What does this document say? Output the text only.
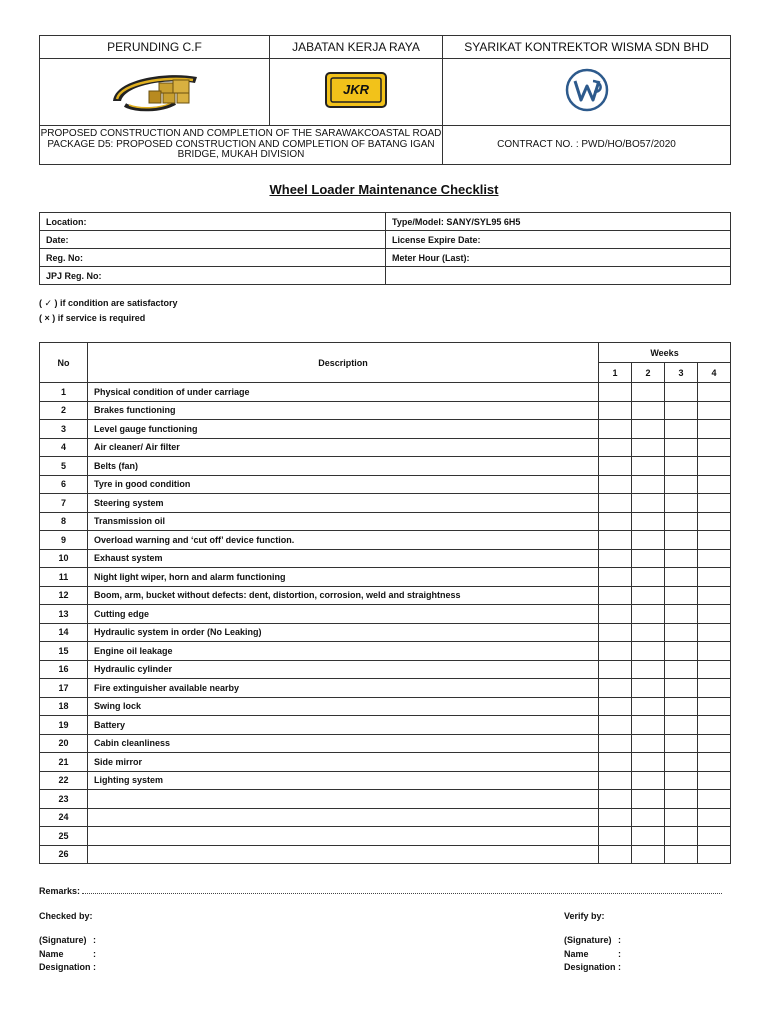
PERUNDING C.F	JABATAN KERJA RAYA	SYARIKAT KONTREKTOR WISMA SDN BHD

JKR

PROPOSED CONSTRUCTION AND COMPLETION OF THE SARAWAKCOASTAL ROAD PACKAGE D5: PROPOSED CONSTRUCTION AND COMPLETION OF BATANG IGAN BRIDGE, MUKAH DIVISION		CONTRACT NO. : PWD/HO/BO57/2020
Wheel Loader Maintenance Checklist
Location:	Type/Model: SANY/SYL95 6H5
Date:	License Expire Date:
Reg. No:	Meter Hour (Last):
JPJ Reg. No:	
( ✓ ) if condition are satisfactory
( × ) if service is required
No	Description	Weeks			
		1	2	3	4
1	Physical condition of under carriage				
2	Brakes functioning				
3	Level gauge functioning				
4	Air cleaner/ Air filter				
5	Belts (fan)				
6	Tyre in good condition				
7	Steering system				
8	Transmission oil				
9	Overload warning and ‘cut off’ device function.				
10	Exhaust system				
11	Night light wiper, horn and alarm functioning				
12	Boom, arm, bucket without defects: dent, distortion, corrosion, weld and straightness				
13	Cutting edge				
14	Hydraulic system in order (No Leaking)				
15	Engine oil leakage				
16	Hydraulic cylinder				
17	Fire extinguisher available nearby				
18	Swing lock				
19	Battery				
20	Cabin cleanliness				
21	Side mirror				
22	Lighting system				
23					
24					
25					
26					
Remarks:
Checked by:	Verify by:
(Signature) :
Name	:
Designation :
(Signature) :
Name	:
Designation :
